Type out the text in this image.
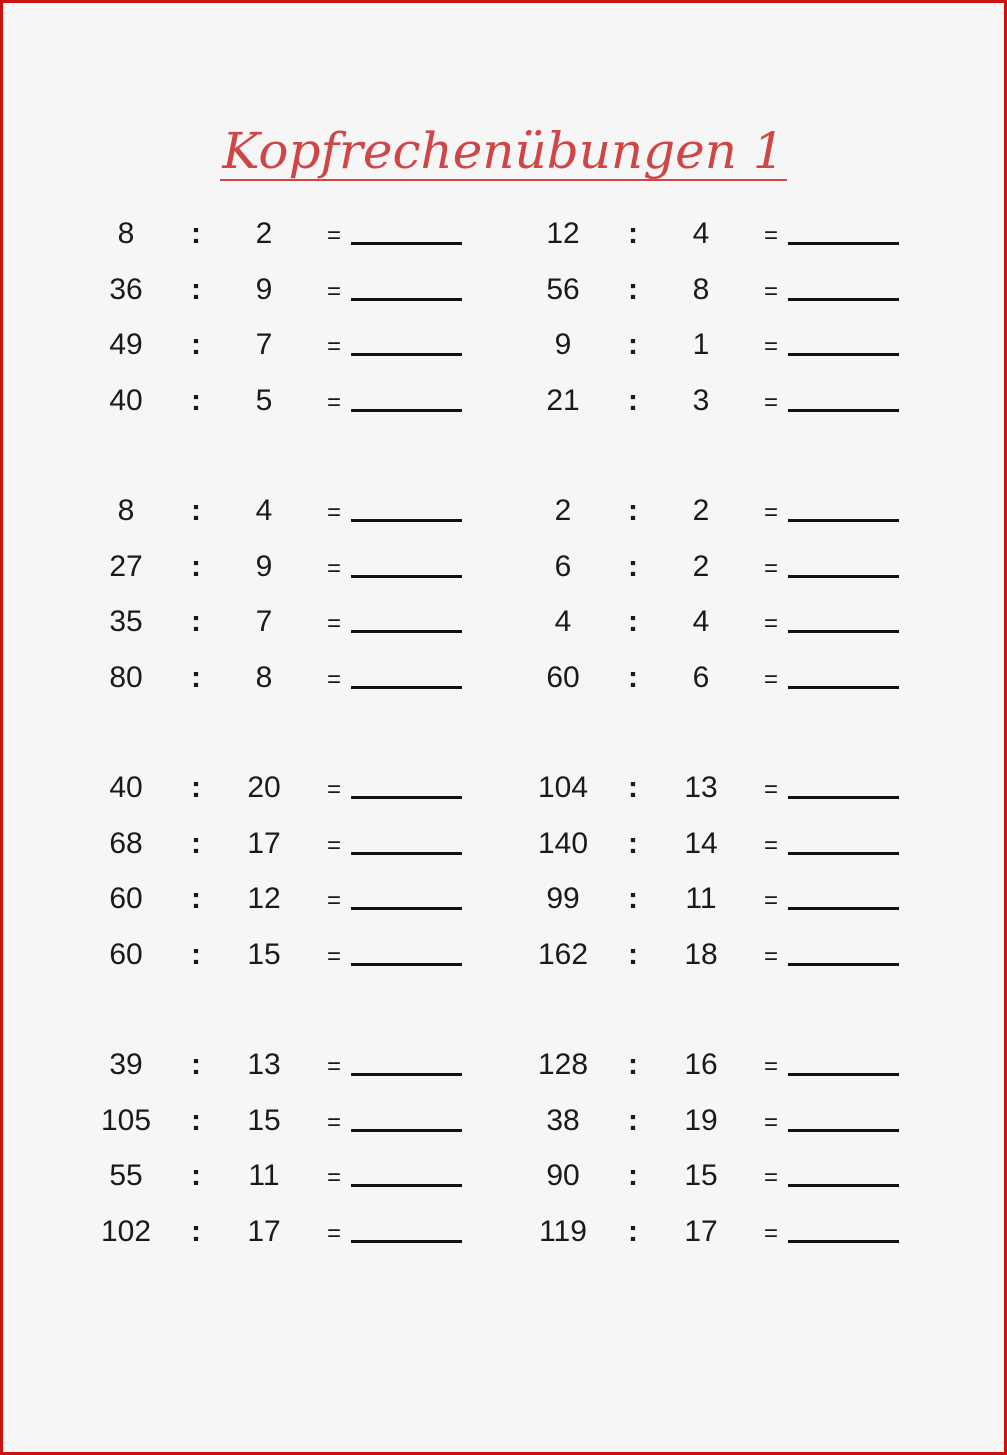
Kopfrechenübungen 1
8	:	2	=
36	:	9	=
49	:	7	=
40	:	5	=
8	:	4	=
27	:	9	=
35	:	7	=
80	:	8	=
40	:	20	=
68	:	17	=
60	:	12	=
60	:	15	=
39	:	13	=
105	:	15	=
55	:	11	=
102	:	17	=
12	:	4	=
56	:	8	=
9	:	1	=
21	:	3	=
2	:	2	=
6	:	2	=
4	:	4	=
60	:	6	=
104	:	13	=
140	:	14	=
99	:	11	=
162	:	18	=
128	:	16	=
38	:	19	=
90	:	15	=
119	:	17	=
